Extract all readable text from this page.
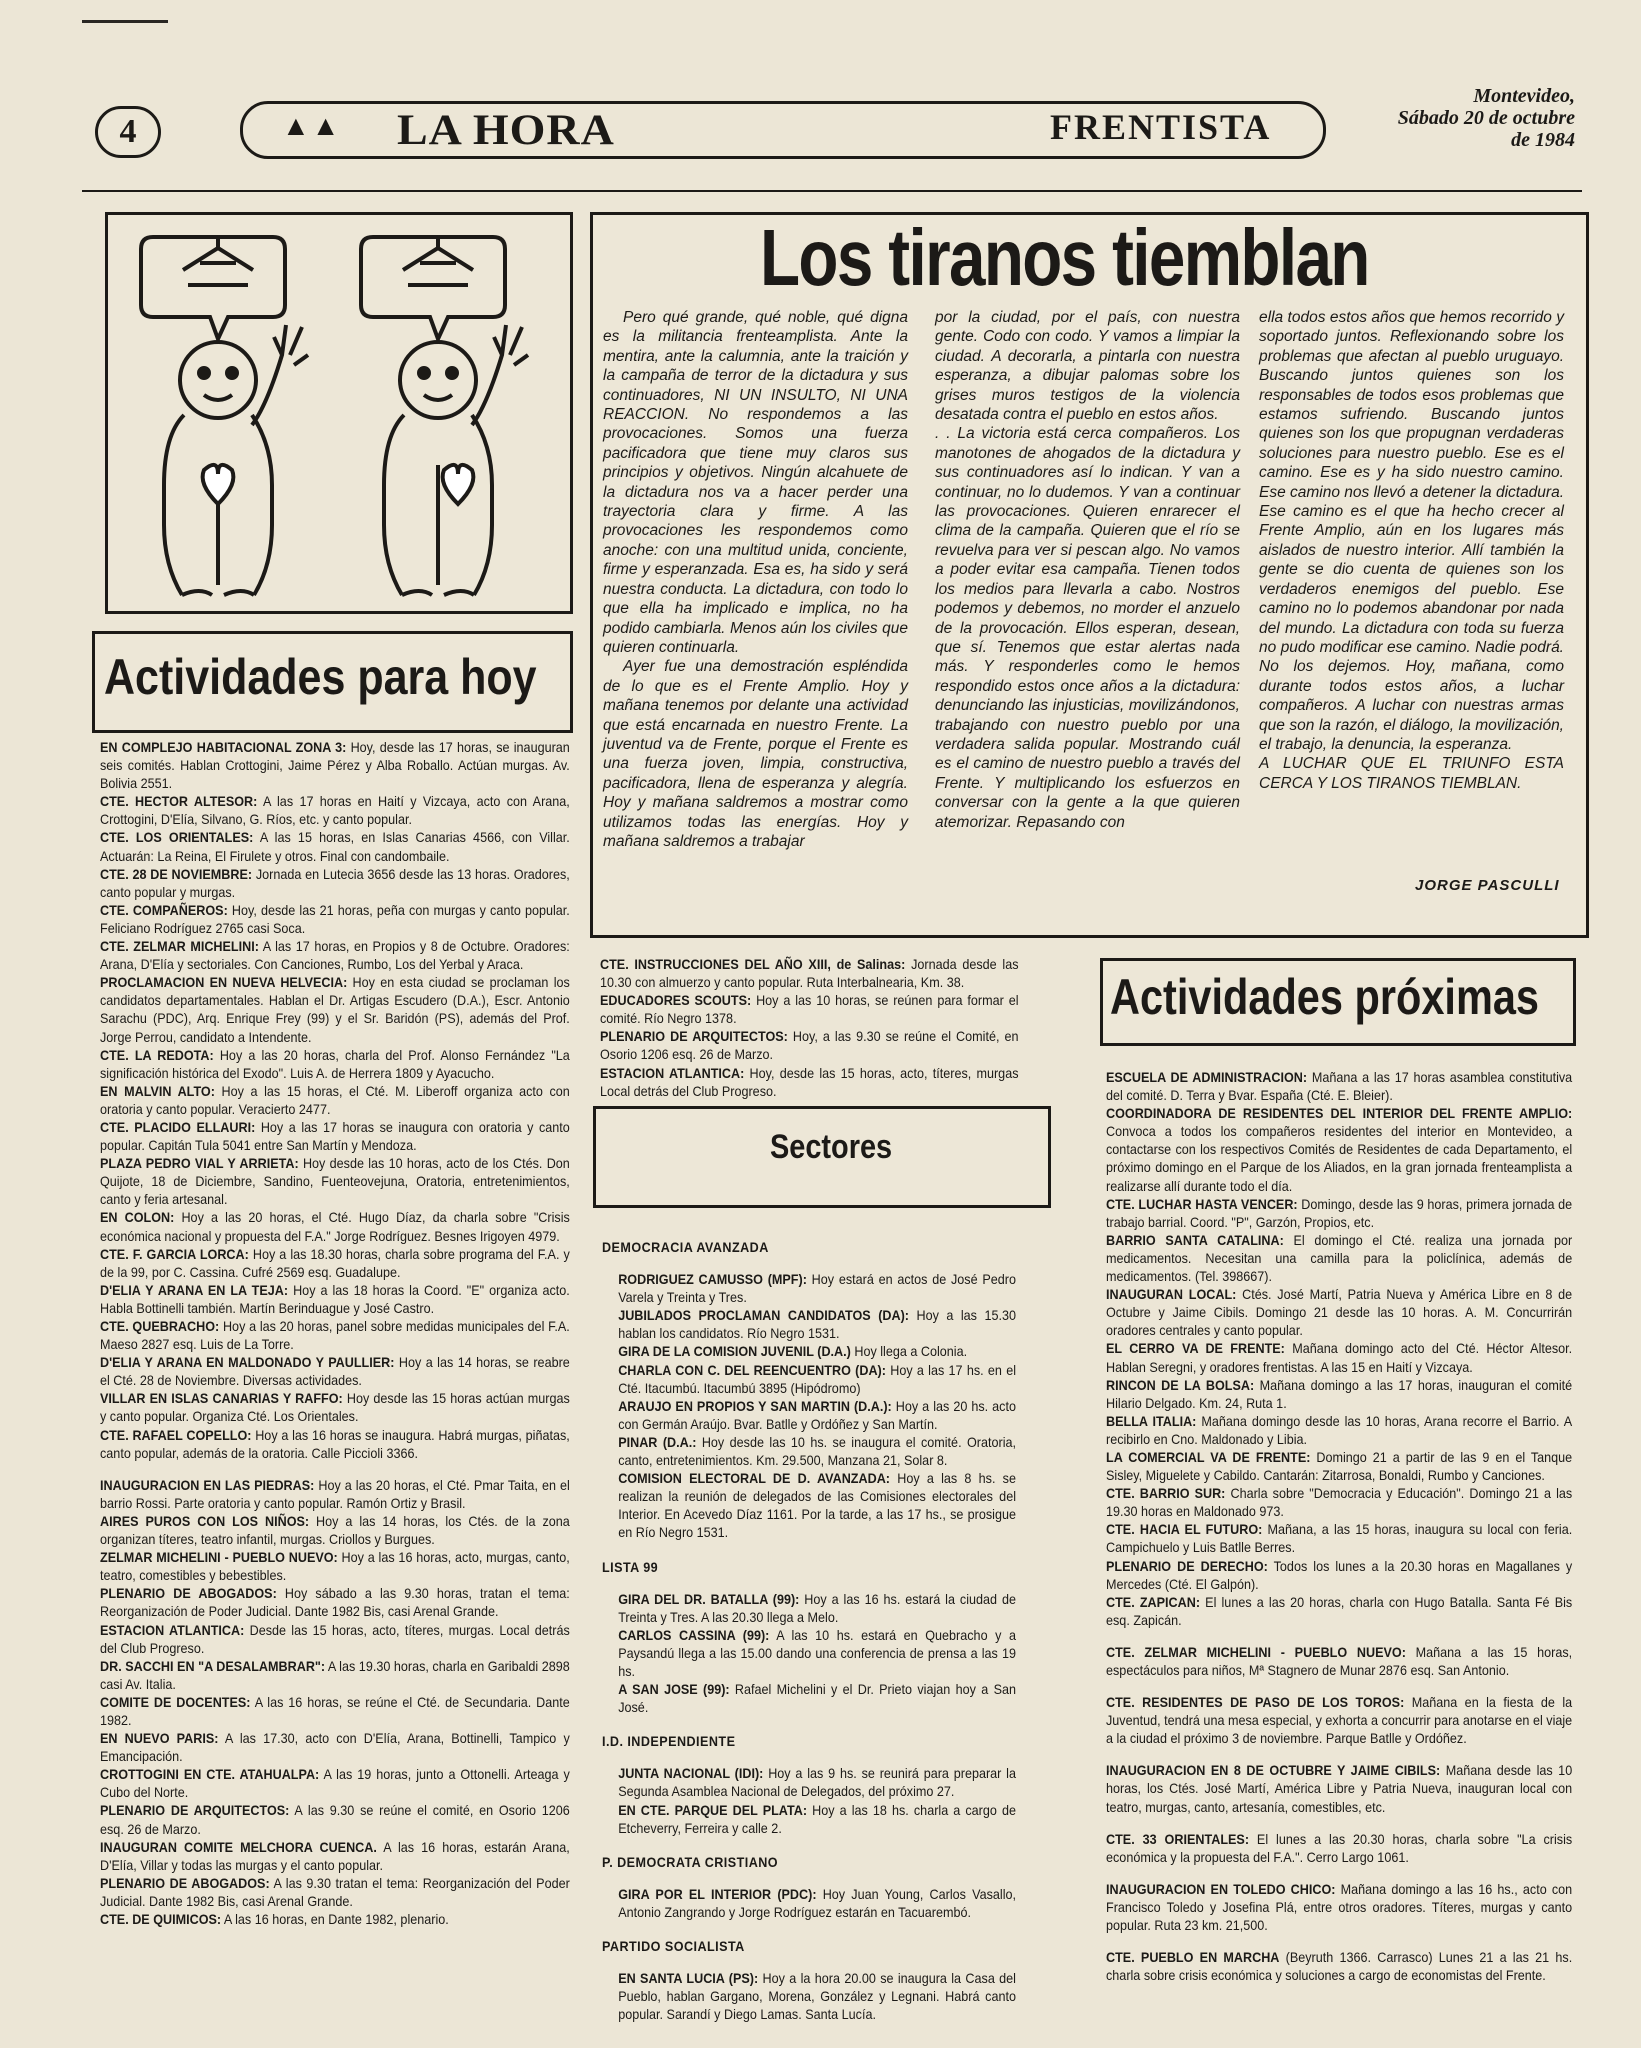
4	▲▲ LA HORA	FRENTISTA
Montevideo,
Sábado 20 de octubre
de 1984
Actividades para hoy
Los tiranos tiemblan

Pero qué grande, qué noble, qué digna es la militancia frenteamplista. Ante la mentira, ante la calumnia, ante la traición y la campaña de terror de la dictadura y sus continuadores, NI UN INSULTO, NI UNA REACCION. No respondemos a las provocaciones. Somos una fuerza pacificadora que tiene muy claros sus principios y objetivos. Ningún alcahuete de la dictadura nos va a hacer perder una trayectoria clara y firme. A las provocaciones les respondemos como anoche: con una multitud unida, conciente, firme y esperanzada. Esa es, ha sido y será nuestra conducta. La dictadura, con todo lo que ella ha implicado e implica, no ha podido cambiarla. Menos aún los civiles que quieren continuarla.

Ayer fue una demostración espléndida de lo que es el Frente Amplio. Hoy y mañana tenemos por delante una actividad que está encarnada en nuestro Frente. La juventud va de Frente, porque el Frente es una fuerza joven, limpia, constructiva, pacificadora, llena de esperanza y alegría. Hoy y mañana saldremos a mostrar como utilizamos todas las energías. Hoy y mañana saldremos a trabajar

por la ciudad, por el país, con nuestra gente. Codo con codo. Y vamos a limpiar la ciudad. A decorarla, a pintarla con nuestra esperanza, a dibujar palomas sobre los grises muros testigos de la violencia desatada contra el pueblo en estos años.

. . La victoria está cerca compañeros. Los manotones de ahogados de la dictadura y sus continuadores así lo indican. Y van a continuar, no lo dudemos. Y van a continuar las provocaciones. Quieren enrarecer el clima de la campaña. Quieren que el río se revuelva para ver si pescan algo. No vamos a poder evitar esa campaña. Tienen todos los medios para llevarla a cabo. Nostros podemos y debemos, no morder el anzuelo de la provocación. Ellos esperan, desean, que sí. Tenemos que estar alertas nada más. Y responderles como le hemos respondido estos once años a la dictadura: denunciando las injusticias, movilizándonos, trabajando con nuestro pueblo por una verdadera salida popular. Mostrando cuál es el camino de nuestro pueblo a través del Frente. Y multiplicando los esfuerzos en conversar con la gente a la que quieren atemorizar. Repasando con

ella todos estos años que hemos recorrido y soportado juntos. Reflexionando sobre los problemas que afectan al pueblo uruguayo. Buscando juntos quienes son los responsables de todos esos problemas que estamos sufriendo. Buscando juntos quienes son los que propugnan verdaderas soluciones para nuestro pueblo. Ese es el camino. Ese es y ha sido nuestro camino. Ese camino nos llevó a detener la dictadura. Ese camino es el que ha hecho crecer al Frente Amplio, aún en los lugares más aislados de nuestro interior. Allí también la gente se dio cuenta de quienes son los verdaderos enemigos del pueblo. Ese camino no lo podemos abandonar por nada del mundo. La dictadura con toda su fuerza no pudo modificar ese camino. Nadie podrá. No los dejemos. Hoy, mañana, como durante todos estos años, a luchar compañeros. A luchar con nuestras armas que son la razón, el diálogo, la movilización, el trabajo, la denuncia, la esperanza.

A LUCHAR QUE EL TRIUNFO ESTA CERCA Y LOS TIRANOS TIEMBLAN.

JORGE PASCULLI

EN COMPLEJO HABITACIONAL ZONA 3: Hoy, desde las 17 horas, se inauguran seis comités. Hablan Crottogini, Jaime Pérez y Alba Roballo. Actúan murgas. Av. Bolivia 2551.

CTE. HECTOR ALTESOR: A las 17 horas en Haití y Vizcaya, acto con Arana, Crottogini, D'Elía, Silvano, G. Ríos, etc. y canto popular.

CTE. LOS ORIENTALES: A las 15 horas, en Islas Canarias 4566, con Villar. Actuarán: La Reina, El Firulete y otros. Final con candombaile.

CTE. 28 DE NOVIEMBRE: Jornada en Lutecia 3656 desde las 13 horas. Oradores, canto popular y murgas.

CTE. COMPAÑEROS: Hoy, desde las 21 horas, peña con murgas y canto popular. Feliciano Rodríguez 2765 casi Soca.

CTE. ZELMAR MICHELINI: A las 17 horas, en Propios y 8 de Octubre. Oradores: Arana, D'Elía y sectoriales. Con Canciones, Rumbo, Los del Yerbal y Araca.

PROCLAMACION EN NUEVA HELVECIA: Hoy en esta ciudad se proclaman los candidatos departamentales. Hablan el Dr. Artigas Escudero (D.A.), Escr. Antonio Sarachu (PDC), Arq. Enrique Frey (99) y el Sr. Baridón (PS), además del Prof. Jorge Perrou, candidato a Intendente.

CTE. LA REDOTA: Hoy a las 20 horas, charla del Prof. Alonso Fernández "La significación histórica del Exodo". Luis A. de Herrera 1809 y Ayacucho.

EN MALVIN ALTO: Hoy a las 15 horas, el Cté. M. Liberoff organiza acto con oratoria y canto popular. Veracierto 2477.

CTE. PLACIDO ELLAURI: Hoy a las 17 horas se inaugura con oratoria y canto popular. Capitán Tula 5041 entre San Martín y Mendoza.

PLAZA PEDRO VIAL Y ARRIETA: Hoy desde las 10 horas, acto de los Ctés. Don Quijote, 18 de Diciembre, Sandino, Fuenteovejuna, Oratoria, entretenimientos, canto y feria artesanal.

EN COLON: Hoy a las 20 horas, el Cté. Hugo Díaz, da charla sobre "Crisis económica nacional y propuesta del F.A." Jorge Rodríguez. Besnes Irigoyen 4979.

CTE. F. GARCIA LORCA: Hoy a las 18.30 horas, charla sobre programa del F.A. y de la 99, por C. Cassina. Cufré 2569 esq. Guadalupe.

D'ELIA Y ARANA EN LA TEJA: Hoy a las 18 horas la Coord. "E" organiza acto. Habla Bottinelli también. Martín Berinduague y José Castro.

CTE. QUEBRACHO: Hoy a las 20 horas, panel sobre medidas municipales del F.A. Maeso 2827 esq. Luis de La Torre.

D'ELIA Y ARANA EN MALDONADO Y PAULLIER: Hoy a las 14 horas, se reabre el Cté. 28 de Noviembre. Diversas actividades.

VILLAR EN ISLAS CANARIAS Y RAFFO: Hoy desde las 15 horas actúan murgas y canto popular. Organiza Cté. Los Orientales.

CTE. RAFAEL COPELLO: Hoy a las 16 horas se inaugura. Habrá murgas, piñatas, canto popular, además de la oratoria. Calle Piccioli 3366.

INAUGURACION EN LAS PIEDRAS: Hoy a las 20 horas, el Cté. Pmar Taita, en el barrio Rossi. Parte oratoria y canto popular. Ramón Ortiz y Brasil.

AIRES PUROS CON LOS NIÑOS: Hoy a las 14 horas, los Ctés. de la zona organizan títeres, teatro infantil, murgas. Criollos y Burgues.

ZELMAR MICHELINI - PUEBLO NUEVO: Hoy a las 16 horas, acto, murgas, canto, teatro, comestibles y bebestibles.

PLENARIO DE ABOGADOS: Hoy sábado a las 9.30 horas, tratan el tema: Reorganización de Poder Judicial. Dante 1982 Bis, casi Arenal Grande.

ESTACION ATLANTICA: Desde las 15 horas, acto, títeres, murgas. Local detrás del Club Progreso.

DR. SACCHI EN "A DESALAMBRAR": A las 19.30 horas, charla en Garibaldi 2898 casi Av. Italia.

COMITE DE DOCENTES: A las 16 horas, se reúne el Cté. de Secundaria. Dante 1982.

EN NUEVO PARIS: A las 17.30, acto con D'Elía, Arana, Bottinelli, Tampico y Emancipación.

CROTTOGINI EN CTE. ATAHUALPA: A las 19 horas, junto a Ottonelli. Arteaga y Cubo del Norte.

PLENARIO DE ARQUITECTOS: A las 9.30 se reúne el comité, en Osorio 1206 esq. 26 de Marzo.

INAUGURAN COMITE MELCHORA CUENCA. A las 16 horas, estarán Arana, D'Elía, Villar y todas las murgas y el canto popular.

PLENARIO DE ABOGADOS: A las 9.30 tratan el tema: Reorganización del Poder Judicial. Dante 1982 Bis, casi Arenal Grande.

CTE. DE QUIMICOS: A las 16 horas, en Dante 1982, plenario.

CTE. INSTRUCCIONES DEL AÑO XIII, de Salinas: Jornada desde las 10.30 con almuerzo y canto popular. Ruta Interbalnearia, Km. 38.

EDUCADORES SCOUTS: Hoy a las 10 horas, se reúnen para formar el comité. Río Negro 1378.

PLENARIO DE ARQUITECTOS: Hoy, a las 9.30 se reúne el Comité, en Osorio 1206 esq. 26 de Marzo.

ESTACION ATLANTICA: Hoy, desde las 15 horas, acto, títeres, murgas Local detrás del Club Progreso.

Sectores

DEMOCRACIA AVANZADA

RODRIGUEZ CAMUSSO (MPF): Hoy estará en actos de José Pedro Varela y Treinta y Tres.

JUBILADOS PROCLAMAN CANDIDATOS (DA): Hoy a las 15.30 hablan los candidatos. Río Negro 1531.

GIRA DE LA COMISION JUVENIL (D.A.) Hoy llega a Colonia.

CHARLA CON C. DEL REENCUENTRO (DA): Hoy a las 17 hs. en el Cté. Itacumbú. Itacumbú 3895 (Hipódromo)

ARAUJO EN PROPIOS Y SAN MARTIN (D.A.): Hoy a las 20 hs. acto con Germán Araújo. Bvar. Batlle y Ordóñez y San Martín.

PINAR (D.A.: Hoy desde las 10 hs. se inaugura el comité. Oratoria, canto, entretenimientos. Km. 29.500, Manzana 21, Solar 8.

COMISION ELECTORAL DE D. AVANZADA: Hoy a las 8 hs. se realizan la reunión de delegados de las Comisiones electorales del Interior. En Acevedo Díaz 1161. Por la tarde, a las 17 hs., se prosigue en Río Negro 1531.

LISTA 99

GIRA DEL DR. BATALLA (99): Hoy a las 16 hs. estará la ciudad de Treinta y Tres. A las 20.30 llega a Melo.

CARLOS CASSINA (99): A las 10 hs. estará en Quebracho y a Paysandú llega a las 15.00 dando una conferencia de prensa a las 19 hs.

A SAN JOSE (99): Rafael Michelini y el Dr. Prieto viajan hoy a San José.

I.D. INDEPENDIENTE

JUNTA NACIONAL (IDI): Hoy a las 9 hs. se reunirá para preparar la Segunda Asamblea Nacional de Delegados, del próximo 27.

EN CTE. PARQUE DEL PLATA: Hoy a las 18 hs. charla a cargo de Etcheverry, Ferreira y calle 2.

P. DEMOCRATA CRISTIANO

GIRA POR EL INTERIOR (PDC): Hoy Juan Young, Carlos Vasallo, Antonio Zangrando y Jorge Rodríguez estarán en Tacuarembó.

PARTIDO SOCIALISTA

EN SANTA LUCIA (PS): Hoy a la hora 20.00 se inaugura la Casa del Pueblo, hablan Gargano, Morena, González y Legnani. Habrá canto popular. Sarandí y Diego Lamas. Santa Lucía.

Actividades próximas

ESCUELA DE ADMINISTRACION: Mañana a las 17 horas asamblea constitutiva del comité. D. Terra y Bvar. España (Cté. E. Bleier).

COORDINADORA DE RESIDENTES DEL INTERIOR DEL FRENTE AMPLIO: Convoca a todos los compañeros residentes del interior en Montevideo, a contactarse con los respectivos Comités de Residentes de cada Departamento, el próximo domingo en el Parque de los Aliados, en la gran jornada frenteamplista a realizarse allí durante todo el día.

CTE. LUCHAR HASTA VENCER: Domingo, desde las 9 horas, primera jornada de trabajo barrial. Coord. "P", Garzón, Propios, etc.

BARRIO SANTA CATALINA: El domingo el Cté. realiza una jornada por medicamentos. Necesitan una camilla para la policlínica, además de medicamentos. (Tel. 398667).

INAUGURAN LOCAL: Ctés. José Martí, Patria Nueva y América Libre en 8 de Octubre y Jaime Cibils. Domingo 21 desde las 10 horas. A. M. Concurrirán oradores centrales y canto popular.

EL CERRO VA DE FRENTE: Mañana domingo acto del Cté. Héctor Altesor. Hablan Seregni, y oradores frentistas. A las 15 en Haití y Vizcaya.

RINCON DE LA BOLSA: Mañana domingo a las 17 horas, inauguran el comité Hilario Delgado. Km. 24, Ruta 1.

BELLA ITALIA: Mañana domingo desde las 10 horas, Arana recorre el Barrio. A recibirlo en Cno. Maldonado y Libia.

LA COMERCIAL VA DE FRENTE: Domingo 21 a partir de las 9 en el Tanque Sisley, Miguelete y Cabildo. Cantarán: Zitarrosa, Bonaldi, Rumbo y Canciones.

CTE. BARRIO SUR: Charla sobre "Democracia y Educación". Domingo 21 a las 19.30 horas en Maldonado 973.

CTE. HACIA EL FUTURO: Mañana, a las 15 horas, inaugura su local con feria. Campichuelo y Luis Batlle Berres.

PLENARIO DE DERECHO: Todos los lunes a la 20.30 horas en Magallanes y Mercedes (Cté. El Galpón).

CTE. ZAPICAN: El lunes a las 20 horas, charla con Hugo Batalla. Santa Fé Bis esq. Zapicán.

CTE. ZELMAR MICHELINI - PUEBLO NUEVO: Mañana a las 15 horas, espectáculos para niños, Mª Stagnero de Munar 2876 esq. San Antonio.

CTE. RESIDENTES DE PASO DE LOS TOROS: Mañana en la fiesta de la Juventud, tendrá una mesa especial, y exhorta a concurrir para anotarse en el viaje a la ciudad el próximo 3 de noviembre. Parque Batlle y Ordóñez.

INAUGURACION EN 8 DE OCTUBRE Y JAIME CIBILS: Mañana desde las 10 horas, los Ctés. José Martí, América Libre y Patria Nueva, inauguran local con teatro, murgas, canto, artesanía, comestibles, etc.

CTE. 33 ORIENTALES: El lunes a las 20.30 horas, charla sobre "La crisis económica y la propuesta del F.A.". Cerro Largo 1061.

INAUGURACION EN TOLEDO CHICO: Mañana domingo a las 16 hs., acto con Francisco Toledo y Josefina Plá, entre otros oradores. Títeres, murgas y canto popular. Ruta 23 km. 21,500.

CTE. PUEBLO EN MARCHA (Beyruth 1366. Carrasco) Lunes 21 a las 21 hs. charla sobre crisis económica y soluciones a cargo de economistas del Frente.
